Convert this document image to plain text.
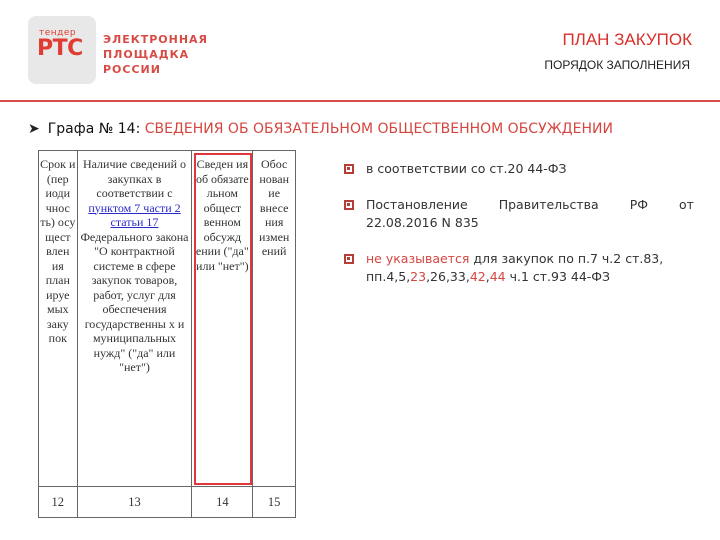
тендер
РТС ЭЛЕКТРОННАЯ
ПЛОЩАДКА
РОССИИ
ПЛАН ЗАКУПОК
ПОРЯДОК ЗАПОЛНЕНИЯ
➤ Графа № 14: СВЕДЕНИЯ ОБ ОБЯЗАТЕЛЬНОМ ОБЩЕСТВЕННОМ ОБСУЖДЕНИИ
Срок и (пер иоди чнос ть) осу щест влен ия план ируе мых заку пок	Наличие сведений о закупках в соответствии с пунктом 7 части 2 статьи 17 Федерального закона "О контрактной системе в сфере закупок товаров, работ, услуг для обеспечения государственны х и муниципальных нужд" ("да" или "нет")	Сведен ия об обязате льном общест венном обсужд ении ("да" или "нет")	Обос нован ие внесе ния измен ений
12	13	14	15
в соответствии со ст.20 44-ФЗ
Постановление Правительства РФ от
22.08.2016 N 835
не указывается для закупок по п.7 ч.2 ст.83,
пп.4,5,23,26,33,42,44 ч.1 ст.93 44-ФЗ
